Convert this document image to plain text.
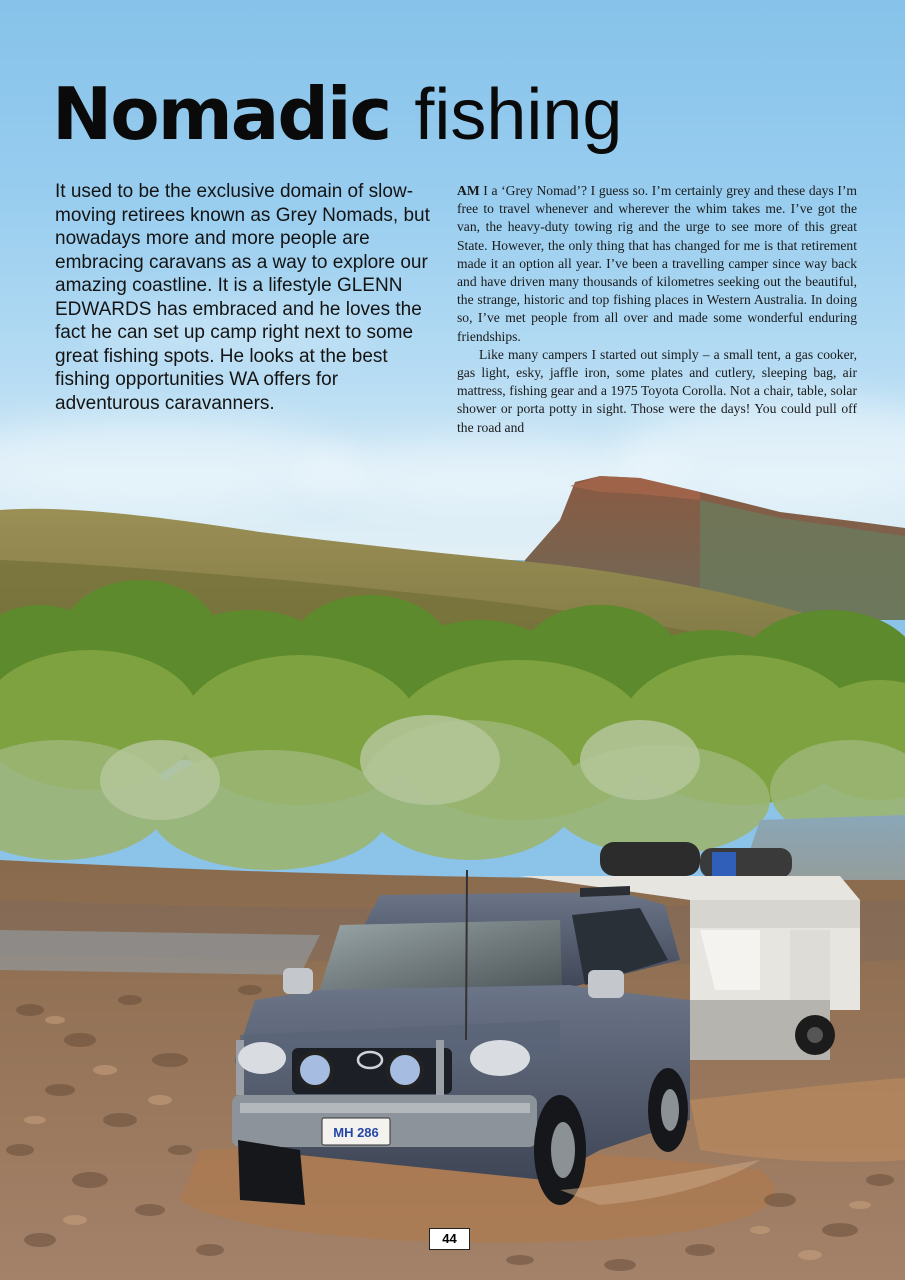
MH 286
Nomadic fishing

It used to be the exclusive domain of slow-moving retirees known as Grey Nomads, but nowadays more and more people are embracing caravans as a way to explore our amazing coastline. It is a lifestyle GLENN EDWARDS has embraced and he loves the fact he can set up camp right next to some great fishing spots. He looks at the best fishing opportunities WA offers for adventurous caravanners.

AM I a ‘Grey Nomad’? I guess so. I’m certainly grey and these days I’m free to travel whenever and wherever the whim takes me. I’ve got the van, the heavy-duty towing rig and the urge to see more of this great State. However, the only thing that has changed for me is that retirement made it an option all year. I’ve been a travelling camper since way back and have driven many thousands of kilometres seeking out the beautiful, the strange, historic and top fishing places in Western Australia. In doing so, I’ve met people from all over and made some wonderful enduring friendships.

Like many campers I started out simply – a small tent, a gas cooker, gas light, esky, jaffle iron, some plates and cutlery, sleeping bag, air mattress, fishing gear and a 1975 Toyota Corolla. Not a chair, table, solar shower or porta potty in sight. Those were the days! You could pull off the road and

44
